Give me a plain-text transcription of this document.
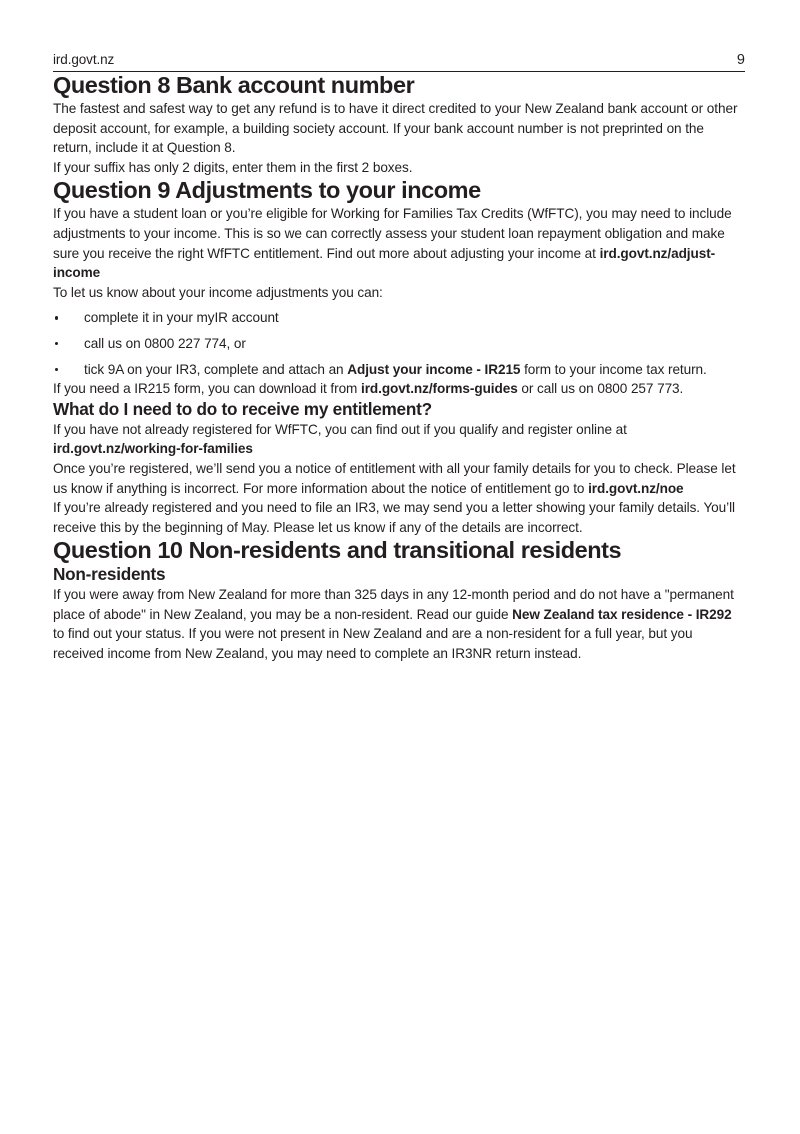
ird.govt.nz	9
Question 8 Bank account number

The fastest and safest way to get any refund is to have it direct credited to your New Zealand bank account or other deposit account, for example, a building society account. If your bank account number is not preprinted on the return, include it at Question 8.

If your suffix has only 2 digits, enter them in the first 2 boxes.

Question 9 Adjustments to your income

If you have a student loan or you’re eligible for Working for Families Tax Credits (WfFTC), you may need to include adjustments to your income. This is so we can correctly assess your student loan repayment obligation and make sure you receive the right WfFTC entitlement. Find out more about adjusting your income at ird.govt.nz/adjust-income

To let us know about your income adjustments you can:

complete it in your myIR account
call us on 0800 227 774, or
tick 9A on your IR3, complete and attach an Adjust your income - IR215 form to your income tax return.

If you need a IR215 form, you can download it from ird.govt.nz/forms-guides or call us on 0800 257 773.

What do I need to do to receive my entitlement?

If you have not already registered for WfFTC, you can find out if you qualify and register online at ird.govt.nz/working-for-families

Once you’re registered, we’ll send you a notice of entitlement with all your family details for you to check. Please let us know if anything is incorrect. For more information about the notice of entitlement go to ird.govt.nz/noe

If you’re already registered and you need to file an IR3, we may send you a letter showing your family details. You’ll receive this by the beginning of May. Please let us know if any of the details are incorrect.

Question 10 Non-residents and transitional residents
Non-residents

If you were away from New Zealand for more than 325 days in any 12-month period and do not have a "permanent place of abode" in New Zealand, you may be a non-resident. Read our guide New Zealand tax residence - IR292 to find out your status. If you were not present in New Zealand and are a non-resident for a full year, but you received income from New Zealand, you may need to complete an IR3NR return instead.
